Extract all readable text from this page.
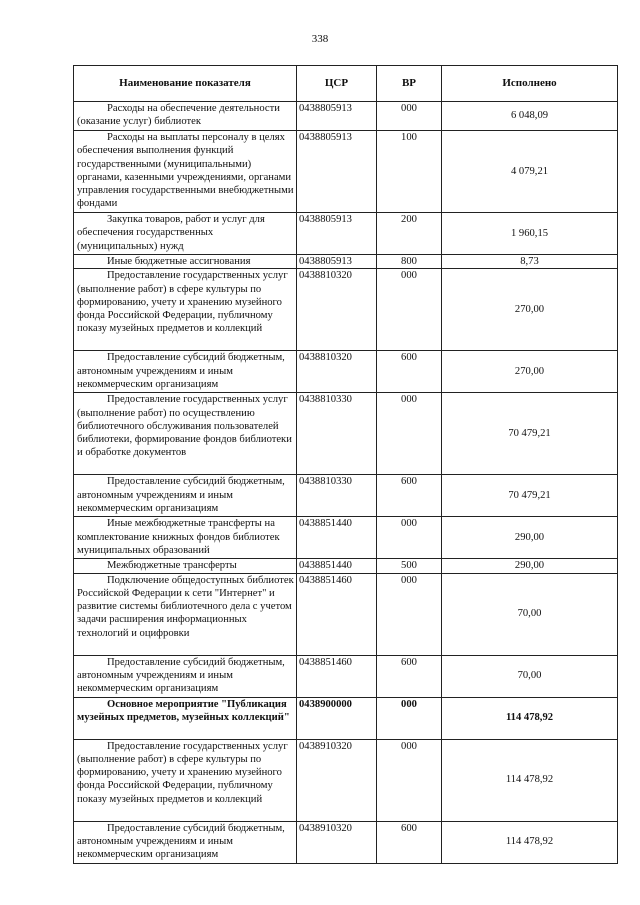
338
Наименование показателя	ЦСР	ВР	Исполнено

Расходы на обеспечение деятельности (оказание услуг) библиотек	0438805913	000	6 048,09

Расходы на выплаты персоналу в целях обеспечения выполнения функций государственными (муниципальными) органами, казенными учреждениями, органами управления государственными внебюджетными фондами	0438805913	100	4 079,21

Закупка товаров, работ и услуг для обеспечения государственных (муниципальных) нужд	0438805913	200	1 960,15

Иные бюджетные ассигнования	0438805913	800	8,73

Предоставление государственных услуг (выполнение работ) в сфере культуры по формированию, учету и хранению музейного фонда Российской Федерации, публичному показу музейных предметов и коллекций	0438810320	000	270,00

Предоставление субсидий бюджетным, автономным учреждениям и иным некоммерческим организациям	0438810320	600	270,00

Предоставление государственных услуг (выполнение работ) по осуществлению библиотечного обслуживания пользователей библиотеки, формирование фондов библиотеки и обработке документов	0438810330	000	70 479,21

Предоставление субсидий бюджетным, автономным учреждениям и иным некоммерческим организациям	0438810330	600	70 479,21

Иные межбюджетные трансферты на комплектование книжных фондов библиотек муниципальных образований	0438851440	000	290,00

Межбюджетные трансферты	0438851440	500	290,00

Подключение общедоступных библиотек Российской Федерации к сети "Интернет" и развитие системы библиотечного дела с учетом задачи расширения информационных технологий и оцифровки	0438851460	000	70,00

Предоставление субсидий бюджетным, автономным учреждениям и иным некоммерческим организациям	0438851460	600	70,00

Основное мероприятие "Публикация музейных предметов, музейных коллекций"	0438900000	000	114 478,92

Предоставление государственных услуг (выполнение работ) в сфере культуры по формированию, учету и хранению музейного фонда Российской Федерации, публичному показу музейных предметов и коллекций	0438910320	000	114 478,92

Предоставление субсидий бюджетным, автономным учреждениям и иным некоммерческим организациям	0438910320	600	114 478,92
